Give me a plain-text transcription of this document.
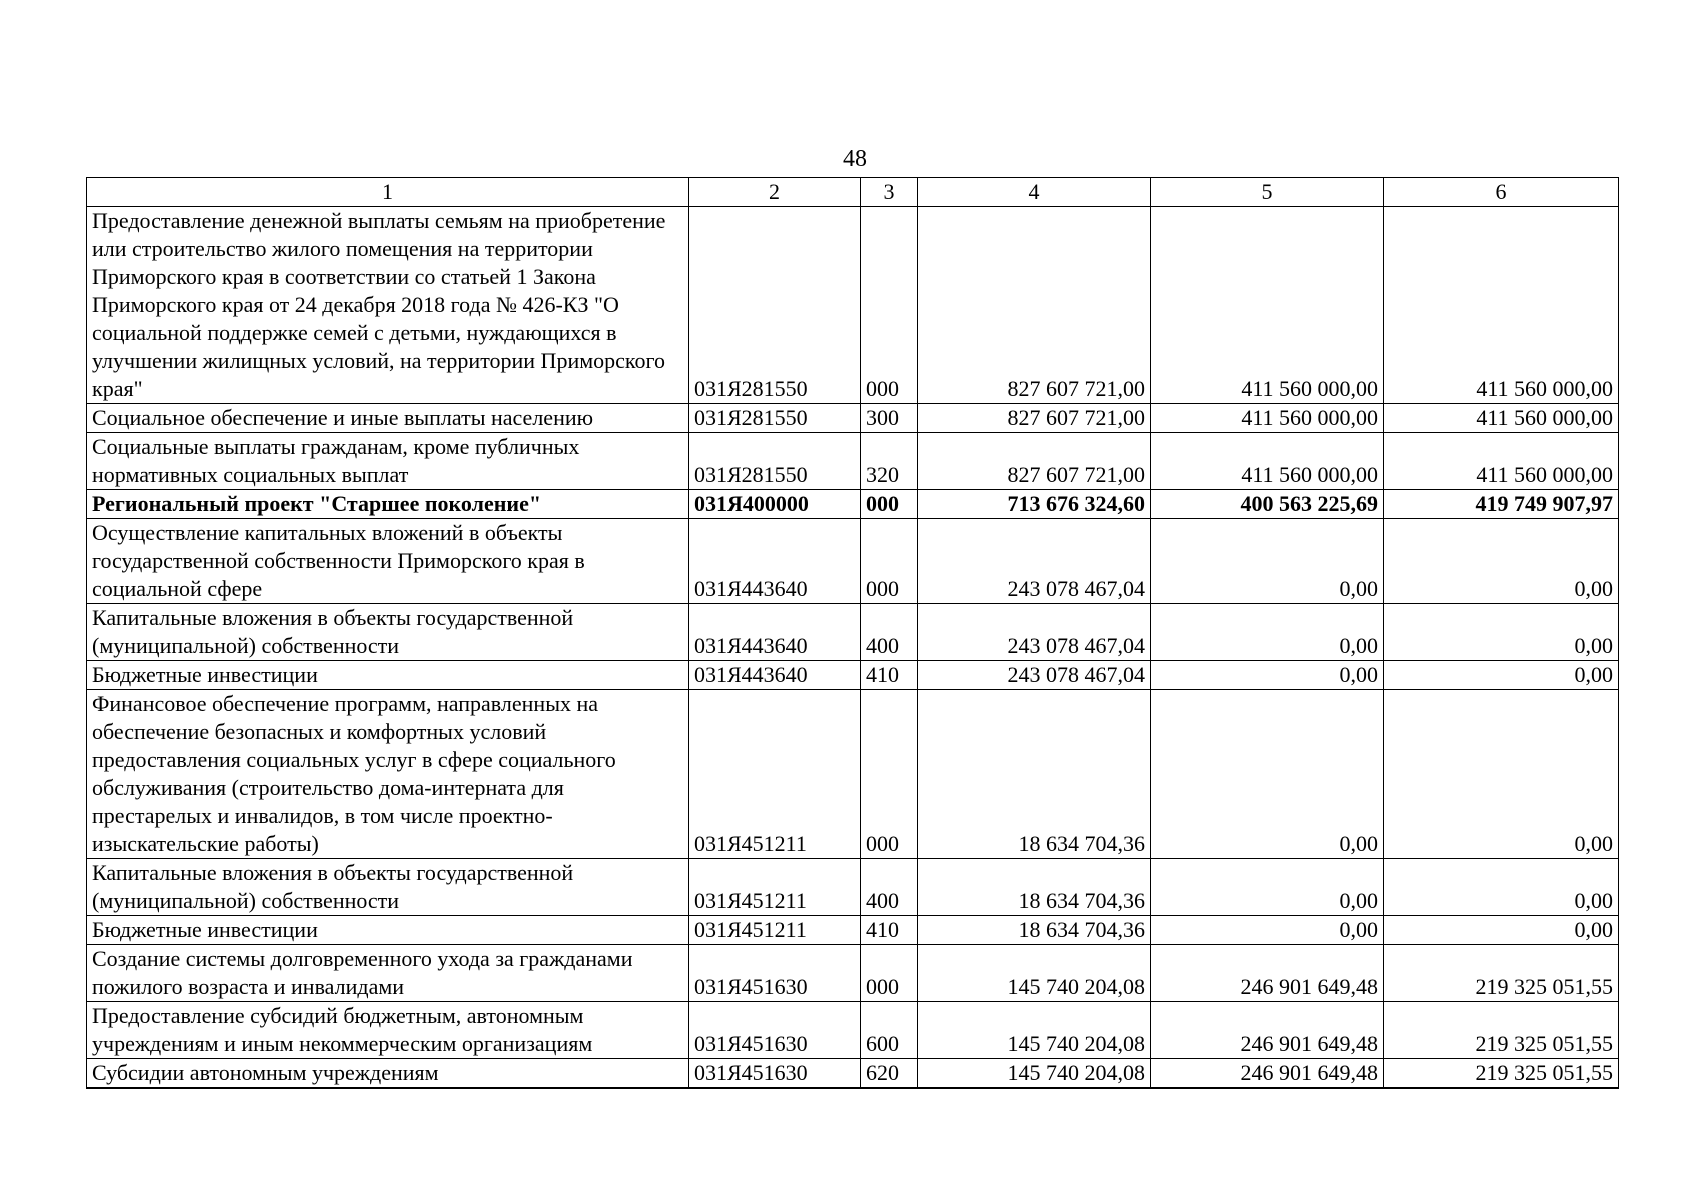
48
1	2	3	4	5	6
Предоставление денежной выплаты семьям на приобретение или строительство жилого помещения на территории Приморского края в соответствии со статьей 1 Закона Приморского края от 24 декабря 2018 года № 426-КЗ "О социальной поддержке семей с детьми, нуждающихся в улучшении жилищных условий, на территории Приморского края"	031Я281550	000	827 607 721,00	411 560 000,00	411 560 000,00
Социальное обеспечение и иные выплаты населению	031Я281550	300	827 607 721,00	411 560 000,00	411 560 000,00
Социальные выплаты гражданам, кроме публичных нормативных социальных выплат	031Я281550	320	827 607 721,00	411 560 000,00	411 560 000,00
Региональный проект "Старшее поколение"	031Я400000	000	713 676 324,60	400 563 225,69	419 749 907,97
Осуществление капитальных вложений в объекты государственной собственности Приморского края в социальной сфере	031Я443640	000	243 078 467,04	0,00	0,00
Капитальные вложения в объекты государственной (муниципальной) собственности	031Я443640	400	243 078 467,04	0,00	0,00
Бюджетные инвестиции	031Я443640	410	243 078 467,04	0,00	0,00
Финансовое обеспечение программ, направленных на обеспечение безопасных и комфортных условий предоставления социальных услуг в сфере социального обслуживания (строительство дома-интерната для престарелых и инвалидов, в том числе проектно-изыскательские работы)	031Я451211	000	18 634 704,36	0,00	0,00
Капитальные вложения в объекты государственной (муниципальной) собственности	031Я451211	400	18 634 704,36	0,00	0,00
Бюджетные инвестиции	031Я451211	410	18 634 704,36	0,00	0,00
Создание системы долговременного ухода за гражданами пожилого возраста и инвалидами	031Я451630	000	145 740 204,08	246 901 649,48	219 325 051,55
Предоставление субсидий бюджетным, автономным учреждениям и иным некоммерческим организациям	031Я451630	600	145 740 204,08	246 901 649,48	219 325 051,55
Субсидии автономным учреждениям	031Я451630	620	145 740 204,08	246 901 649,48	219 325 051,55
